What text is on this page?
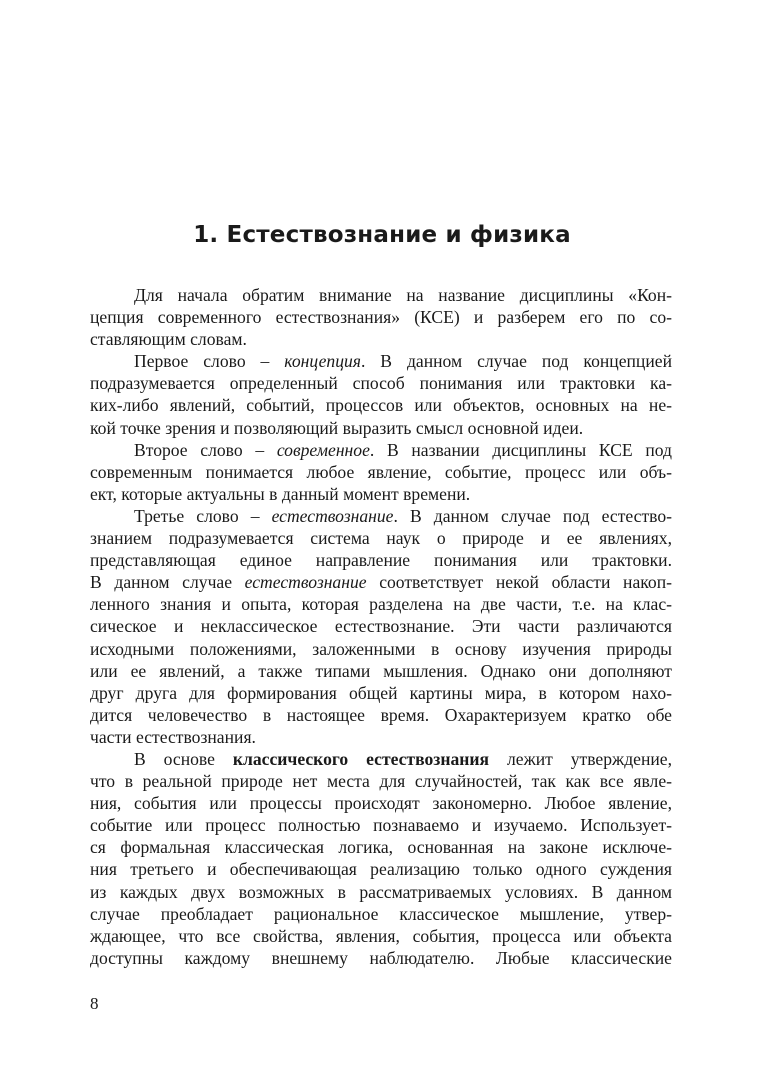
1. Естествознание и физика

Для начала обратим внимание на название дисциплины «Кон-
цепция современного естествознания» (КСЕ) и разберем его по со-
ставляющим словам.

Первое слово – концепция. В данном случае под концепцией
подразумевается определенный способ понимания или трактовки ка-
ких-либо явлений, событий, процессов или объектов, основных на не-
кой точке зрения и позволяющий выразить смысл основной идеи.

Второе слово – современное. В названии дисциплины КСЕ под
современным понимается любое явление, событие, процесс или объ-
ект, которые актуальны в данный момент времени.

Третье слово – естествознание. В данном случае под естество-
знанием подразумевается система наук о природе и ее явлениях,
представляющая единое направление понимания или трактовки.
В данном случае естествознание соответствует некой области накоп-
ленного знания и опыта, которая разделена на две части, т.е. на клас-
сическое и неклассическое естествознание. Эти части различаются
исходными положениями, заложенными в основу изучения природы
или ее явлений, а также типами мышления. Однако они дополняют
друг друга для формирования общей картины мира, в котором нахо-
дится человечество в настоящее время. Охарактеризуем кратко обе
части естествознания.

В основе классического естествознания лежит утверждение,
что в реальной природе нет места для случайностей, так как все явле-
ния, события или процессы происходят закономерно. Любое явление,
событие или процесс полностью познаваемо и изучаемо. Использует-
ся формальная классическая логика, основанная на законе исключе-
ния третьего и обеспечивающая реализацию только одного суждения
из каждых двух возможных в рассматриваемых условиях. В данном
случае преобладает рациональное классическое мышление, утвер-
ждающее, что все свойства, явления, события, процесса или объекта
доступны каждому внешнему наблюдателю. Любые классические

8
